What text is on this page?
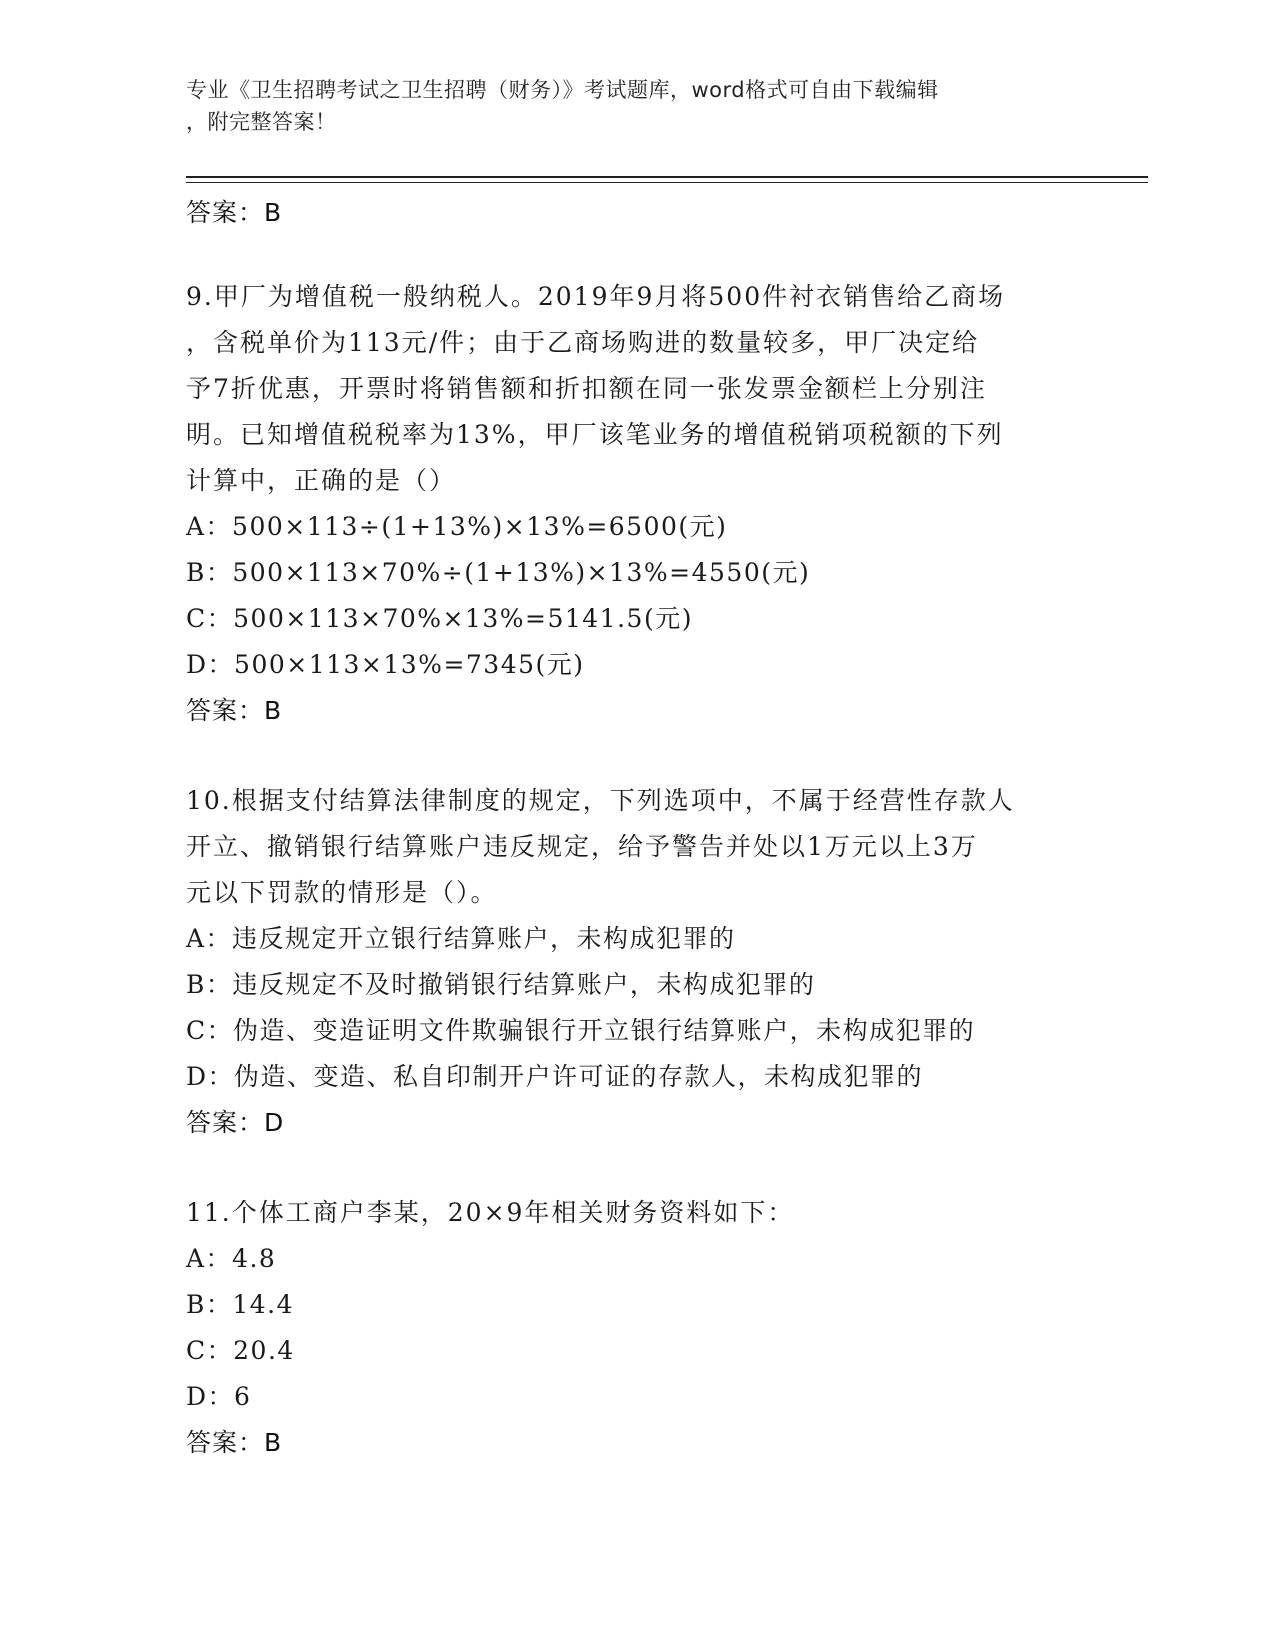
专业《卫生招聘考试之卫生招聘（财务）》考试题库，word格式可自由下载编辑
，附完整答案！

答案：B

9.甲厂为增值税一般纳税人。2019年9月将500件衬衣销售给乙商场

，含税单价为113元/件；由于乙商场购进的数量较多，甲厂决定给

予7折优惠，开票时将销售额和折扣额在同一张发票金额栏上分别注

明。已知增值税税率为13%，甲厂该笔业务的增值税销项税额的下列

计算中，正确的是（）

A：500×113÷(1+13%)×13%=6500(元)

B：500×113×70%÷(1+13%)×13%=4550(元)

C：500×113×70%×13%=5141.5(元)

D：500×113×13%=7345(元)

答案：B

10.根据支付结算法律制度的规定，下列选项中，不属于经营性存款人

开立、撤销银行结算账户违反规定，给予警告并处以1万元以上3万

元以下罚款的情形是（）。

A：违反规定开立银行结算账户，未构成犯罪的

B：违反规定不及时撤销银行结算账户，未构成犯罪的

C：伪造、变造证明文件欺骗银行开立银行结算账户，未构成犯罪的

D：伪造、变造、私自印制开户许可证的存款人，未构成犯罪的

答案：D

11.个体工商户李某，20×9年相关财务资料如下：

A：4.8

B：14.4

C：20.4

D：6

答案：B
